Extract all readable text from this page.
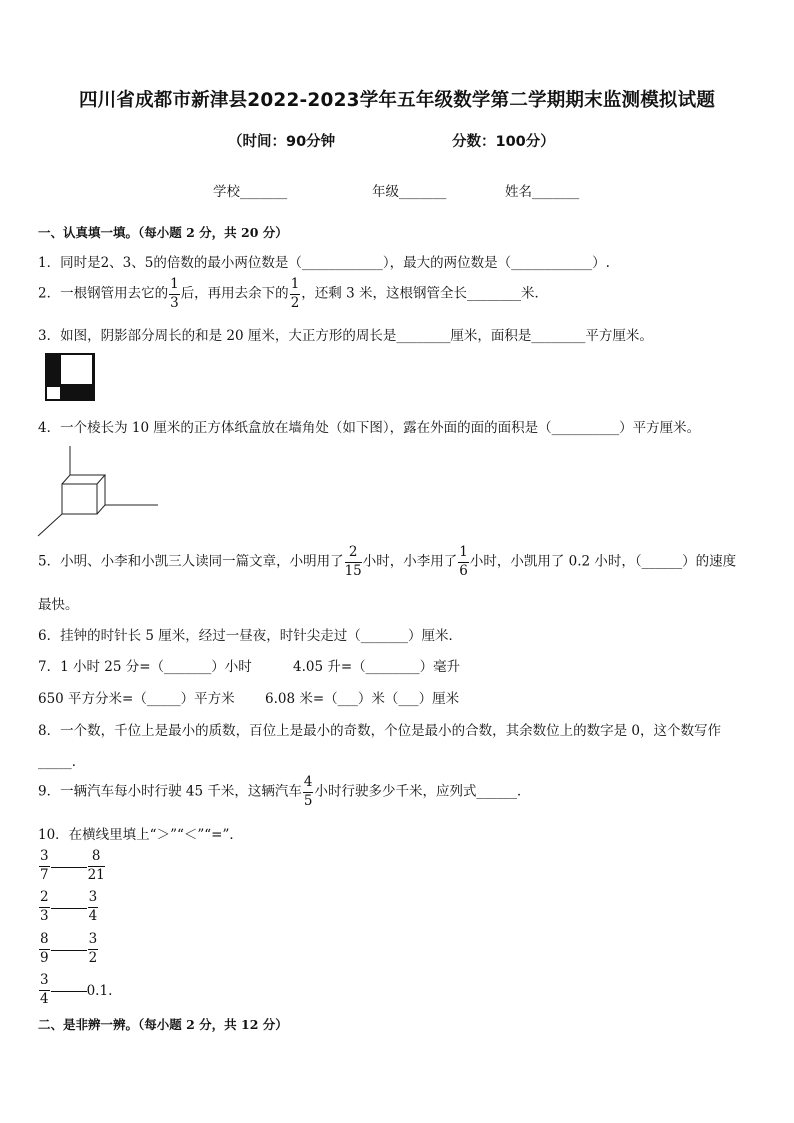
四川省成都市新津县2022-2023学年五年级数学第二学期期末监测模拟试题
（时间：90分钟	分数：100分）
学校_______	年级_______	姓名_______
一、认真填一填。（每小题 2 分，共 20 分）
1．同时是2、3、5的倍数的最小两位数是（____________），最大的两位数是（____________）.
2．一根钢管用去它的 $\frac{1}{3}$ 后，再用去余下的 $\frac{1}{2}$ ，还剩 3 米，这根钢管全长________米．
3．如图，阴影部分周长的和是 20 厘米，大正方形的周长是________厘米，面积是________平方厘米。
4．一个棱长为 10 厘米的正方体纸盒放在墙角处（如下图），露在外面的面的面积是（__________）平方厘米。
5．小明、小李和小凯三人读同一篇文章，小明用了 $\frac{2}{15}$ 小时，小李用了 $\frac{1}{6}$ 小时，小凯用了 0.2 小时，（______）的速度
最快。
6．挂钟的时针长 5 厘米，经过一昼夜，时针尖走过（_______）厘米．
7．1 小时 25 分=（_______）小时	4.05 升=（________）毫升
650 平方分米=（_____）平方米 6.08 米=（___）米（___）厘米
8．一个数，千位上是最小的质数，百位上是最小的奇数，个位是最小的合数，其余数位上的数字是 0，这个数写作
_____．
9．一辆汽车每小时行驶 45 千米，这辆汽车 $\frac{4}{5}$ 小时行驶多少千米，应列式______．
10．在横线里填上“＞”“＜”“=”．
$\frac{3}{7}$	$\frac{8}{21}$
$\frac{2}{3}$	$\frac{3}{4}$
$\frac{8}{9}$	$\frac{3}{2}$
$\frac{3}{4}$	0.1.
二、是非辨一辨。（每小题 2 分，共 12 分）
